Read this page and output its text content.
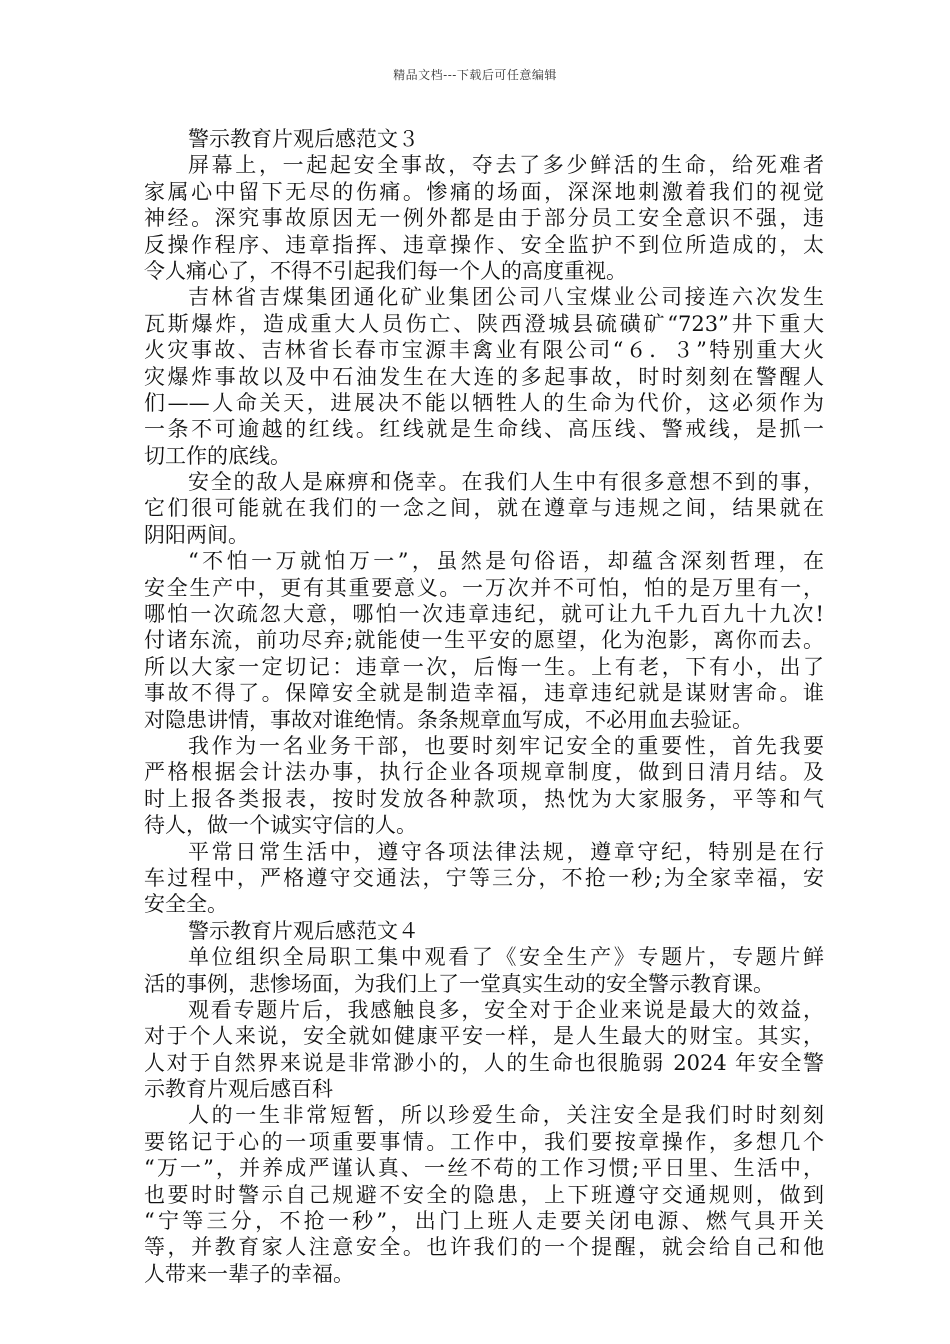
精品文档---下载后可任意编辑
警示教育片观后感范文３
屏幕上，一起起安全事故，夺去了多少鲜活的生命，给死难者
家属心中留下无尽的伤痛。惨痛的场面，深深地刺激着我们的视觉
神经。深究事故原因无一例外都是由于部分员工安全意识不强，违
反操作程序、违章指挥、违章操作、安全监护不到位所造成的，太
令人痛心了，不得不引起我们每一个人的高度重视。
吉林省吉煤集团通化矿业集团公司八宝煤业公司接连六次发生
瓦斯爆炸，造成重大人员伤亡、陕西澄城县硫磺矿“723”井下重大
火灾事故、吉林省长春市宝源丰禽业有限公司“６．３”特别重大火
灾爆炸事故以及中石油发生在大连的多起事故，时时刻刻在警醒人
们——人命关天，进展决不能以牺牲人的生命为代价，这必须作为
一条不可逾越的红线。红线就是生命线、高压线、警戒线，是抓一
切工作的底线。
安全的敌人是麻痹和侥幸。在我们人生中有很多意想不到的事，
它们很可能就在我们的一念之间，就在遵章与违规之间，结果就在
阴阳两间。
“不怕一万就怕万一”，虽然是句俗语，却蕴含深刻哲理，在
安全生产中，更有其重要意义。一万次并不可怕，怕的是万里有一，
哪怕一次疏忽大意，哪怕一次违章违纪，就可让九千九百九十九次!
付诸东流，前功尽弃;就能使一生平安的愿望，化为泡影，离你而去。
所以大家一定切记：违章一次，后悔一生。上有老，下有小，出了
事故不得了。保障安全就是制造幸福，违章违纪就是谋财害命。谁
对隐患讲情，事故对谁绝情。条条规章血写成，不必用血去验证。
我作为一名业务干部，也要时刻牢记安全的重要性，首先我要
严格根据会计法办事，执行企业各项规章制度，做到日清月结。及
时上报各类报表，按时发放各种款项，热忱为大家服务，平等和气
待人，做一个诚实守信的人。
平常日常生活中，遵守各项法律法规，遵章守纪，特别是在行
车过程中，严格遵守交通法，宁等三分，不抢一秒;为全家幸福，安
安全全。
警示教育片观后感范文４
单位组织全局职工集中观看了《安全生产》专题片，专题片鲜
活的事例，悲惨场面，为我们上了一堂真实生动的安全警示教育课。
观看专题片后，我感触良多，安全对于企业来说是最大的效益，
对于个人来说，安全就如健康平安一样，是人生最大的财宝。其实，
人对于自然界来说是非常渺小的，人的生命也很脆弱 2024 年安全警
示教育片观后感百科
人的一生非常短暂，所以珍爱生命，关注安全是我们时时刻刻
要铭记于心的一项重要事情。工作中，我们要按章操作，多想几个
“万一”，并养成严谨认真、一丝不苟的工作习惯;平日里、生活中，
也要时时警示自己规避不安全的隐患，上下班遵守交通规则，做到
“宁等三分，不抢一秒”，出门上班人走要关闭电源、燃气具开关
等，并教育家人注意安全。也许我们的一个提醒，就会给自己和他
人带来一辈子的幸福。
